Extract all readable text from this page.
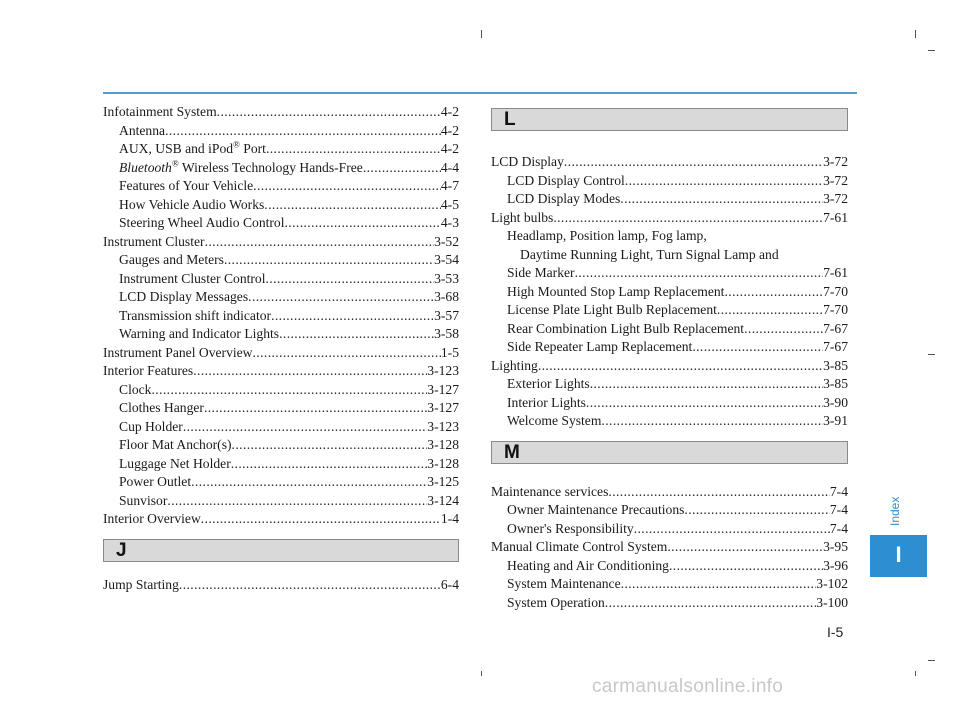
Infotainment System .....	4-2
Antenna .....	4-2
AUX, USB and iPod® Port .....	4-2
Bluetooth® Wireless Technology Hands-Free .....	4-4
Features of Your Vehicle .....	4-7
How Vehicle Audio Works .....	4-5
Steering Wheel Audio Control .....	4-3
Instrument Cluster .....	3-52
Gauges and Meters .....	3-54
Instrument Cluster Control .....	3-53
LCD Display Messages .....	3-68
Transmission shift indicator .....	3-57
Warning and Indicator Lights .....	3-58
Instrument Panel Overview .....	1-5
Interior Features .....	3-123
Clock .....	3-127
Clothes Hanger .....	3-127
Cup Holder .....	3-123
Floor Mat Anchor(s) .....	3-128
Luggage Net Holder .....	3-128
Power Outlet .....	3-125
Sunvisor .....	3-124
Interior Overview .....	1-4
J
Jump Starting .....	6-4
L
LCD Display .....	3-72
LCD Display Control .....	3-72
LCD Display Modes .....	3-72
Light bulbs .....	7-61
Headlamp, Position lamp, Fog lamp,
Daytime Running Light, Turn Signal Lamp and
Side Marker .....	7-61
High Mounted Stop Lamp Replacement .....	7-70
License Plate Light Bulb Replacement .....	7-70
Rear Combination Light Bulb Replacement .....	7-67
Side Repeater Lamp Replacement .....	7-67
Lighting .....	3-85
Exterior Lights .....	3-85
Interior Lights .....	3-90
Welcome System .....	3-91
M
Maintenance services .....	7-4
Owner Maintenance Precautions .....	7-4
Owner's Responsibility .....	7-4
Manual Climate Control System .....	3-95
Heating and Air Conditioning .....	3-96
System Maintenance .....	3-102
System Operation .....	3-100
Index
I
I-5
carmanualsonline.info
